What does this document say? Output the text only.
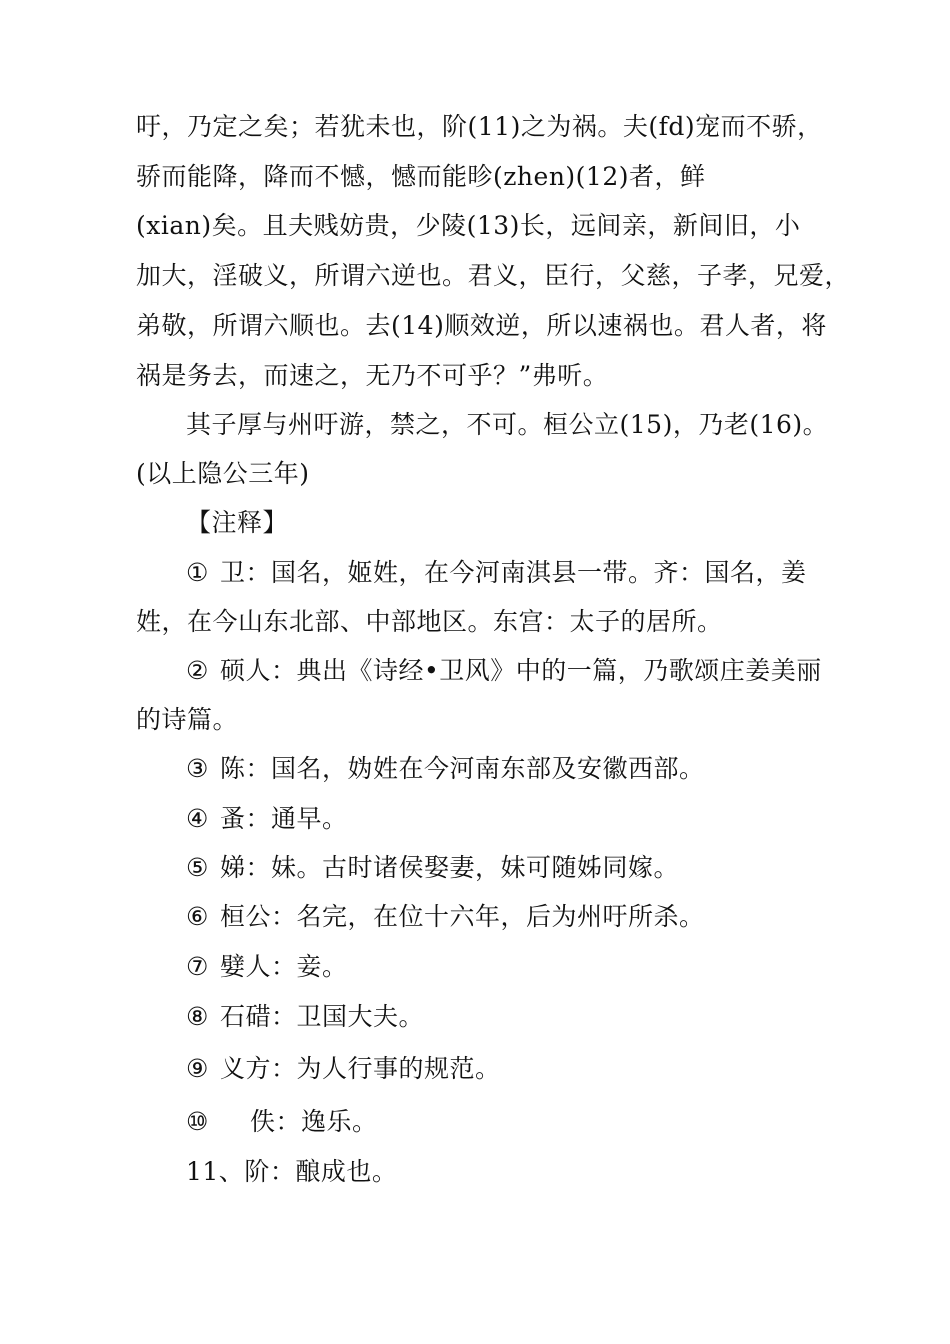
吁，乃定之矣；若犹未也，阶(11)之为祸。夫(fd)宠而不骄，
骄而能降，降而不憾，憾而能昣(zhen)(12)者，鲜
(xian)矣。且夫贱妨贵，少陵(13)长，远间亲，新间旧，小
加大，淫破义，所谓六逆也。君义，臣行，父慈，子孝，兄爱，
弟敬，所谓六顺也。去(14)顺效逆，所以速祸也。君人者，将
祸是务去，而速之，无乃不可乎？”弗听。
其子厚与州吁游，禁之，不可。桓公立(15)，乃老(16)。
(以上隐公三年)
【注释】
① 卫：国名，姬姓，在今河南淇县一带。齐：国名，姜
姓，在今山东北部、中部地区。东宫：太子的居所。
② 硕人：典出《诗经•卫风》中的一篇，乃歌颂庄姜美丽
的诗篇。
③ 陈：国名，妫姓在今河南东部及安徽西部。
④ 蚤：通早。
⑤ 娣：妹。古时诸侯娶妻，妹可随姊同嫁。
⑥ 桓公：名完，在位十六年，后为州吁所杀。
⑦ 嬖人：妾。
⑧ 石碏：卫国大夫。
⑨ 义方：为人行事的规范。
⑩ 佚：逸乐。
11、阶：酿成也。
